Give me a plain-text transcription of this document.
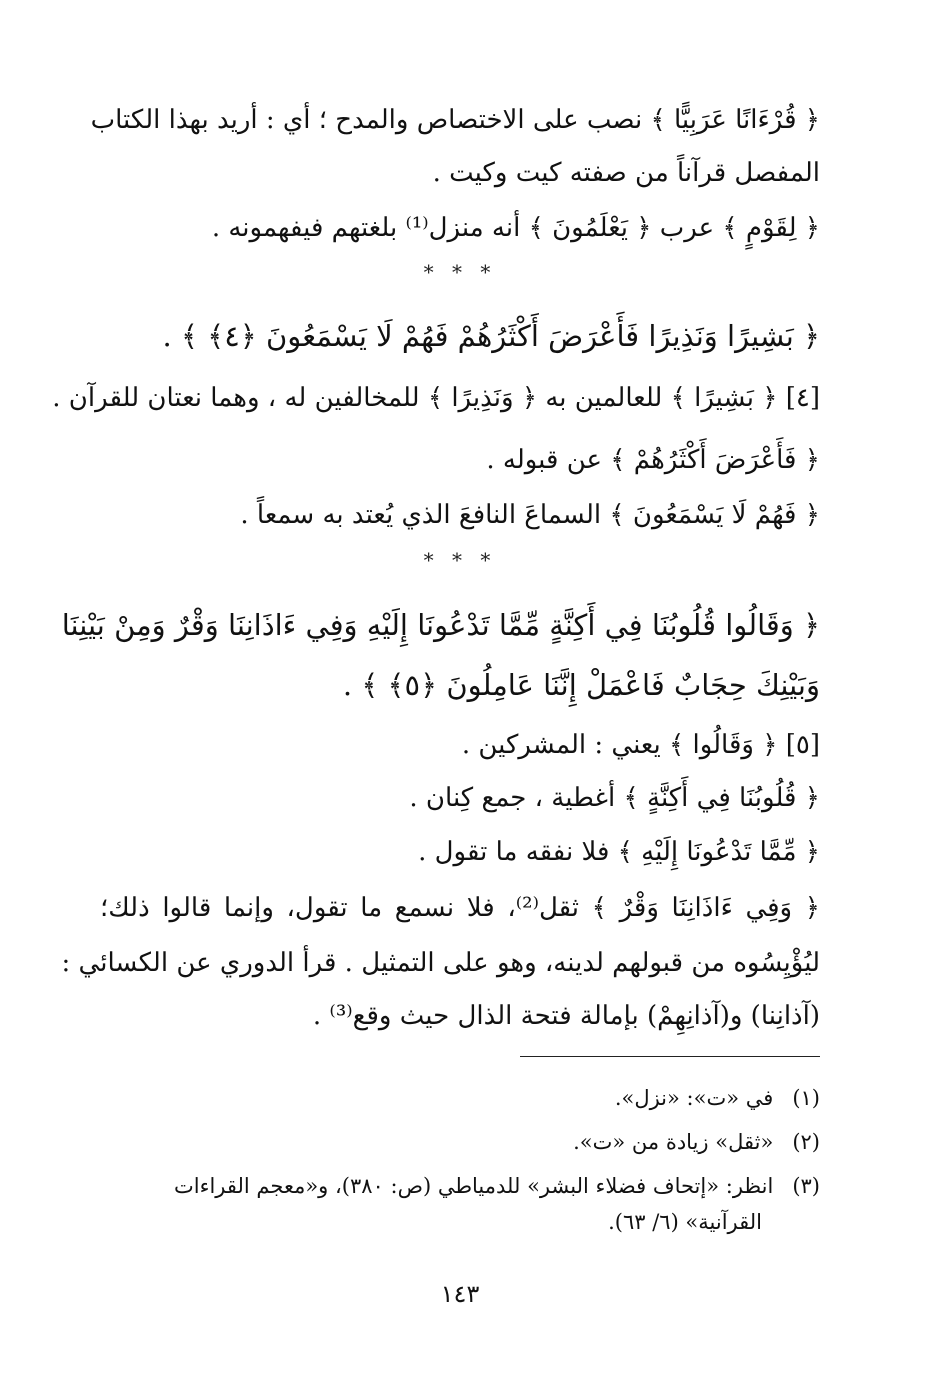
﴿ قُرْءَانًا عَرَبِيًّا ﴾ نصب على الاختصاص والمدح ؛ أي : أريد بهذا الكتاب
المفصل قرآناً من صفته كيت وكيت .
﴿ لِقَوْمٍ ﴾ عرب ﴿ يَعْلَمُونَ ﴾ أنه منزل⁽¹⁾ بلغتهم فيفهمونه .
* * *
﴿ بَشِيرًا وَنَذِيرًا فَأَعْرَضَ أَكْثَرُهُمْ فَهُمْ لَا يَسْمَعُونَ ﴿٤﴾ ﴾ .
[٤] ﴿ بَشِيرًا ﴾ للعالمين به ﴿ وَنَذِيرًا ﴾ للمخالفين له ، وهما نعتان للقرآن .
﴿ فَأَعْرَضَ أَكْثَرُهُمْ ﴾ عن قبوله .
﴿ فَهُمْ لَا يَسْمَعُونَ ﴾ السماعَ النافعَ الذي يُعتد به سمعاً .
* * *
﴿ وَقَالُوا قُلُوبُنَا فِي أَكِنَّةٍ مِّمَّا تَدْعُونَا إِلَيْهِ وَفِي ءَاذَانِنَا وَقْرٌ وَمِنْ بَيْنِنَا
وَبَيْنِكَ حِجَابٌ فَاعْمَلْ إِنَّنَا عَامِلُونَ ﴿٥﴾ ﴾ .
[٥] ﴿ وَقَالُوا ﴾ يعني : المشركين .
﴿ قُلُوبُنَا فِي أَكِنَّةٍ ﴾ أغطية ، جمع كِنان .
﴿ مِّمَّا تَدْعُونَا إِلَيْهِ ﴾ فلا نفقه ما تقول .
﴿ وَفِي ءَاذَانِنَا وَقْرٌ ﴾ ثقل⁽²⁾، فلا نسمع ما تقول، وإنما قالوا ذلك؛
ليُؤْيِسُوه من قبولهم لدينه، وهو على التمثيل . قرأ الدوري عن الكسائي :
(آذانِنا) و(آذانِهِمْ) بإمالة فتحة الذال حيث وقع⁽³⁾ .
(١) في «ت»: «نزل».
(٢) «ثقل» زيادة من «ت».
(٣) انظر: «إتحاف فضلاء البشر» للدمياطي (ص: ٣٨٠)، و«معجم القراءات
القرآنية» (٦/ ٦٣).
١٤٣
